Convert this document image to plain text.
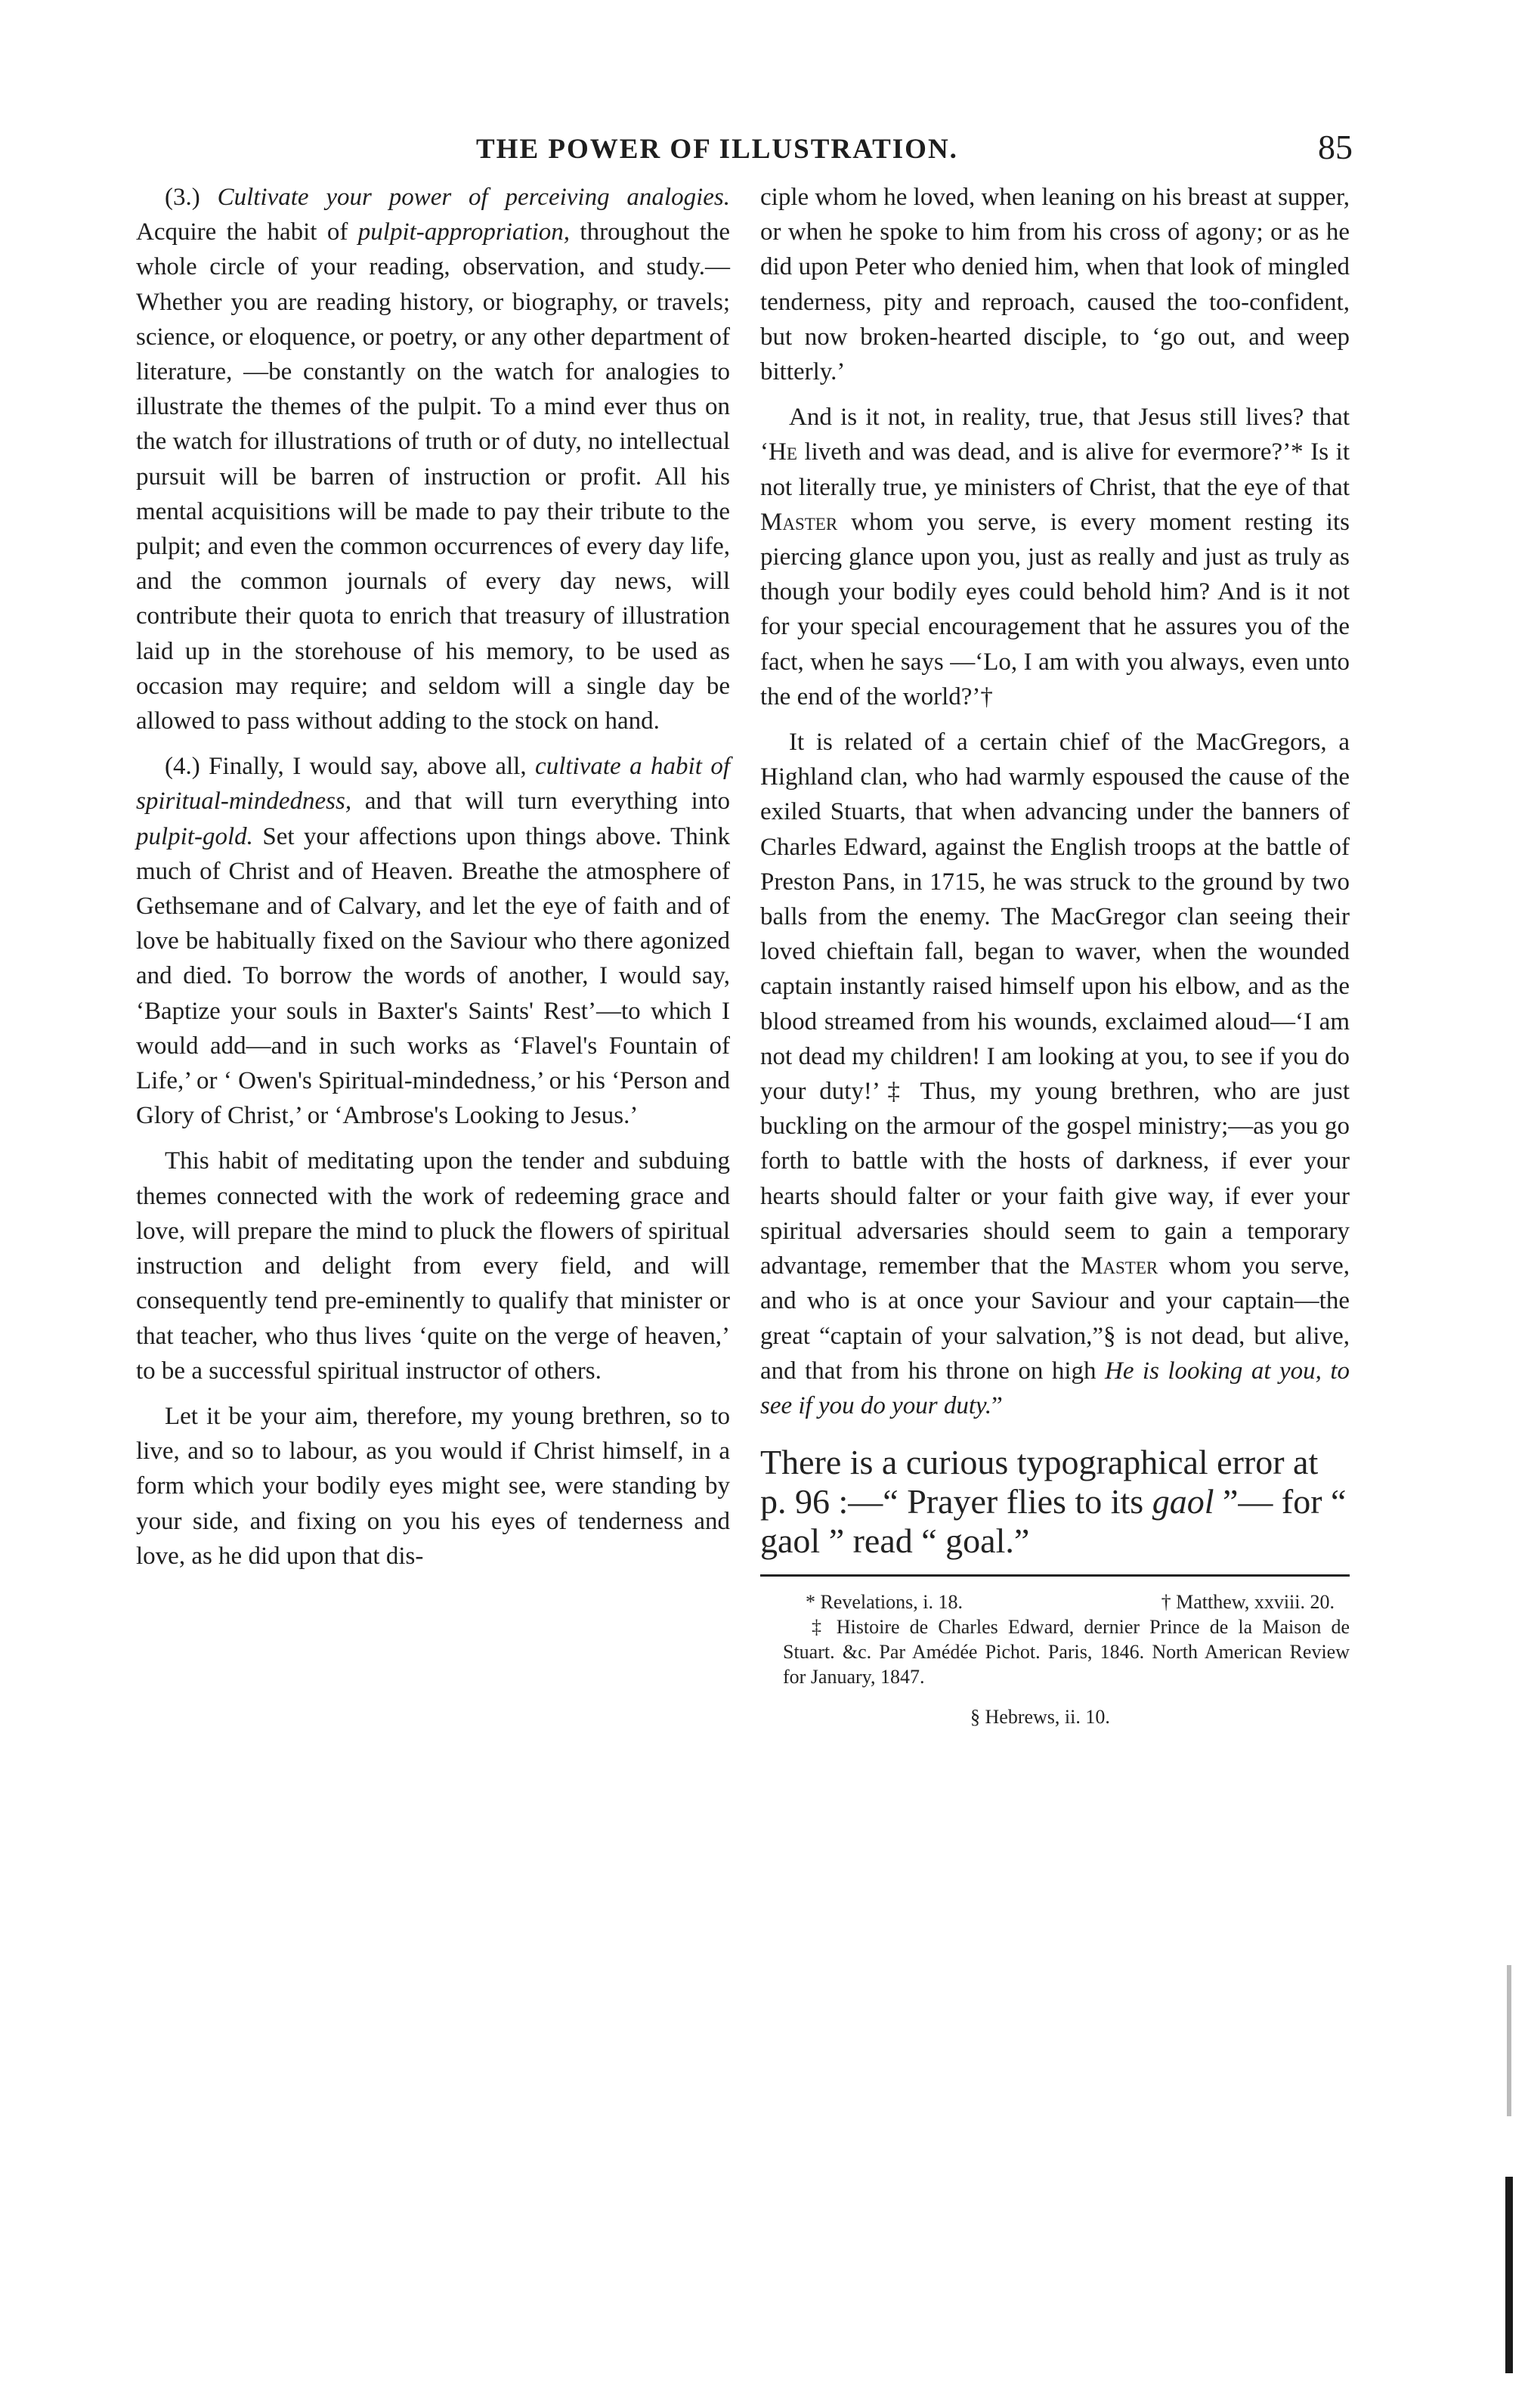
THE POWER OF ILLUSTRATION.	85

(3.) Cultivate your power of perceiving analogies. Acquire the habit of pulpit-appropriation, throughout the whole circle of your reading, observation, and study.—Whether you are reading history, or biography, or travels; science, or eloquence, or poetry, or any other department of literature, —be constantly on the watch for analogies to illustrate the themes of the pulpit. To a mind ever thus on the watch for illustrations of truth or of duty, no intellectual pursuit will be barren of instruction or profit. All his mental acquisitions will be made to pay their tribute to the pulpit; and even the common occurrences of every day life, and the common journals of every day news, will contribute their quota to enrich that treasury of illustration laid up in the storehouse of his memory, to be used as occasion may require; and seldom will a single day be allowed to pass without adding to the stock on hand.

(4.) Finally, I would say, above all, cultivate a habit of spiritual-mindedness, and that will turn everything into pulpit-gold. Set your affections upon things above. Think much of Christ and of Heaven. Breathe the atmosphere of Gethsemane and of Calvary, and let the eye of faith and of love be habitually fixed on the Saviour who there agonized and died. To borrow the words of another, I would say, ‘Baptize your souls in Baxter's Saints' Rest’—to which I would add—and in such works as ‘Flavel's Fountain of Life,’ or ‘ Owen's Spiritual-mindedness,’ or his ‘Person and Glory of Christ,’ or ‘Ambrose's Looking to Jesus.’

This habit of meditating upon the tender and subduing themes connected with the work of redeeming grace and love, will prepare the mind to pluck the flowers of spiritual instruction and delight from every field, and will consequently tend pre-eminently to qualify that minister or that teacher, who thus lives ‘quite on the verge of heaven,’ to be a successful spiritual instructor of others.

Let it be your aim, therefore, my young brethren, so to live, and so to labour, as you would if Christ himself, in a form which your bodily eyes might see, were standing by your side, and fixing on you his eyes of tenderness and love, as he did upon that dis-

ciple whom he loved, when leaning on his breast at supper, or when he spoke to him from his cross of agony; or as he did upon Peter who denied him, when that look of mingled tenderness, pity and reproach, caused the too-confident, but now broken-hearted disciple, to ‘go out, and weep bitterly.’

And is it not, in reality, true, that Jesus still lives? that ‘He liveth and was dead, and is alive for evermore?’* Is it not literally true, ye ministers of Christ, that the eye of that Master whom you serve, is every moment resting its piercing glance upon you, just as really and just as truly as though your bodily eyes could behold him? And is it not for your special encouragement that he assures you of the fact, when he says —‘Lo, I am with you always, even unto the end of the world?’†

It is related of a certain chief of the MacGregors, a Highland clan, who had warmly espoused the cause of the exiled Stuarts, that when advancing under the banners of Charles Edward, against the English troops at the battle of Preston Pans, in 1715, he was struck to the ground by two balls from the enemy. The MacGregor clan seeing their loved chieftain fall, began to waver, when the wounded captain instantly raised himself upon his elbow, and as the blood streamed from his wounds, exclaimed aloud—‘I am not dead my children! I am looking at you, to see if you do your duty!’‡ Thus, my young brethren, who are just buckling on the armour of the gospel ministry;—as you go forth to battle with the hosts of darkness, if ever your hearts should falter or your faith give way, if ever your spiritual adversaries should seem to gain a temporary advantage, remember that the Master whom you serve, and who is at once your Saviour and your captain—the great “captain of your salvation,”§ is not dead, but alive, and that from his throne on high He is looking at you, to see if you do your duty.”

There is a curious typographical error at p. 96 :—“ Prayer flies to its gaol ”— for “ gaol ” read “ goal.”
* Revelations, i. 18.	† Matthew, xxviii. 20.

‡ Histoire de Charles Edward, dernier Prince de la Maison de Stuart. &c. Par Amédée Pichot. Paris, 1846. North American Review for January, 1847.

§ Hebrews, ii. 10.
